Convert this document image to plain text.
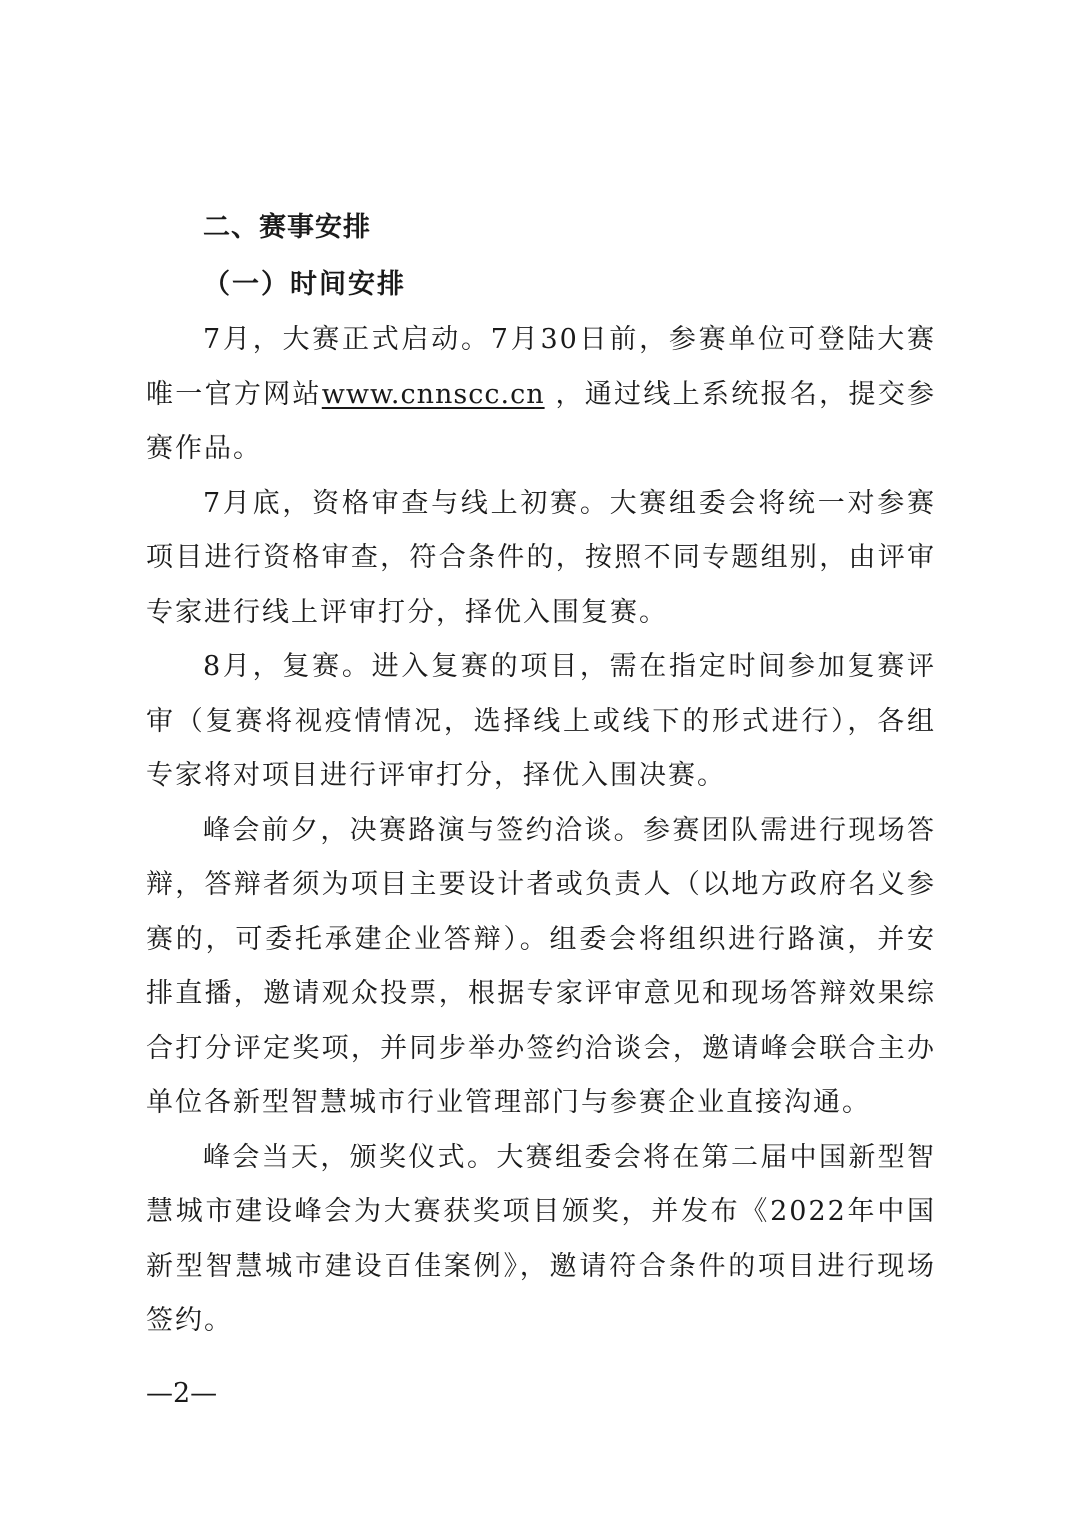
二、赛事安排
（一）时间安排

7月，大赛正式启动。7月30日前，参赛单位可登陆大赛唯一官方网站www.cnnscc.cn ，通过线上系统报名，提交参赛作品。

7月底，资格审查与线上初赛。大赛组委会将统一对参赛项目进行资格审查，符合条件的，按照不同专题组别，由评审专家进行线上评审打分，择优入围复赛。

8月，复赛。进入复赛的项目，需在指定时间参加复赛评审（复赛将视疫情情况，选择线上或线下的形式进行），各组专家将对项目进行评审打分，择优入围决赛。

峰会前夕，决赛路演与签约洽谈。参赛团队需进行现场答辩，答辩者须为项目主要设计者或负责人（以地方政府名义参赛的，可委托承建企业答辩）。组委会将组织进行路演，并安排直播，邀请观众投票，根据专家评审意见和现场答辩效果综合打分评定奖项，并同步举办签约洽谈会，邀请峰会联合主办单位各新型智慧城市行业管理部门与参赛企业直接沟通。

峰会当天，颁奖仪式。大赛组委会将在第二届中国新型智慧城市建设峰会为大赛获奖项目颁奖，并发布《2022年中国新型智慧城市建设百佳案例》，邀请符合条件的项目进行现场签约。

—2—
